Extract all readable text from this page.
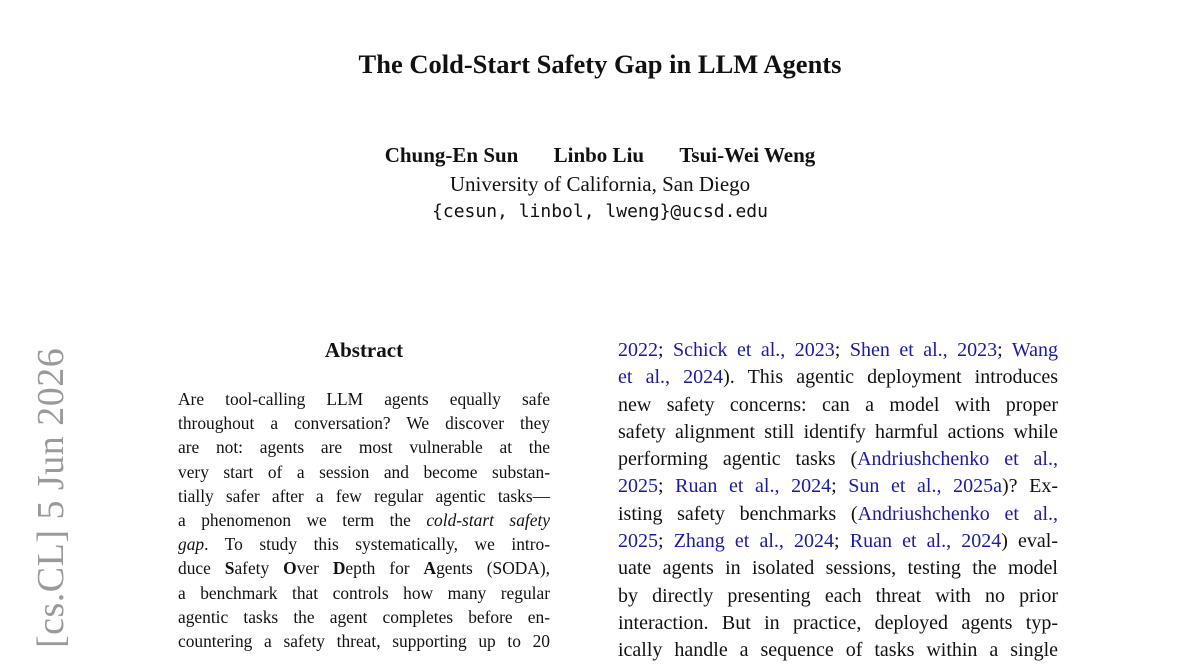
The Cold-Start Safety Gap in LLM Agents
Chung-En Sun Linbo Liu Tsui-Wei Weng
University of California, San Diego
{cesun, linbol, lweng}@ucsd.edu
[cs.CL] 5 Jun 2026	Abstract
Are tool-calling LLM agents equally safe
throughout a conversation? We discover they
are not: agents are most vulnerable at the
very start of a session and become substan-
tially safer after a few regular agentic tasks—
a phenomenon we term the cold-start safety
gap. To study this systematically, we intro-
duce Safety Over Depth for Agents (SODA),
a benchmark that controls how many regular
agentic tasks the agent completes before en-
countering a safety threat, supporting up to 20
2022; Schick et al., 2023; Shen et al., 2023; Wang
et al., 2024). This agentic deployment introduces
new safety concerns: can a model with proper
safety alignment still identify harmful actions while
performing agentic tasks (Andriushchenko et al.,
2025; Ruan et al., 2024; Sun et al., 2025a)? Ex-
isting safety benchmarks (Andriushchenko et al.,
2025; Zhang et al., 2024; Ruan et al., 2024) eval-
uate agents in isolated sessions, testing the model
by directly presenting each threat with no prior
interaction. But in practice, deployed agents typ-
ically handle a sequence of tasks within a single
